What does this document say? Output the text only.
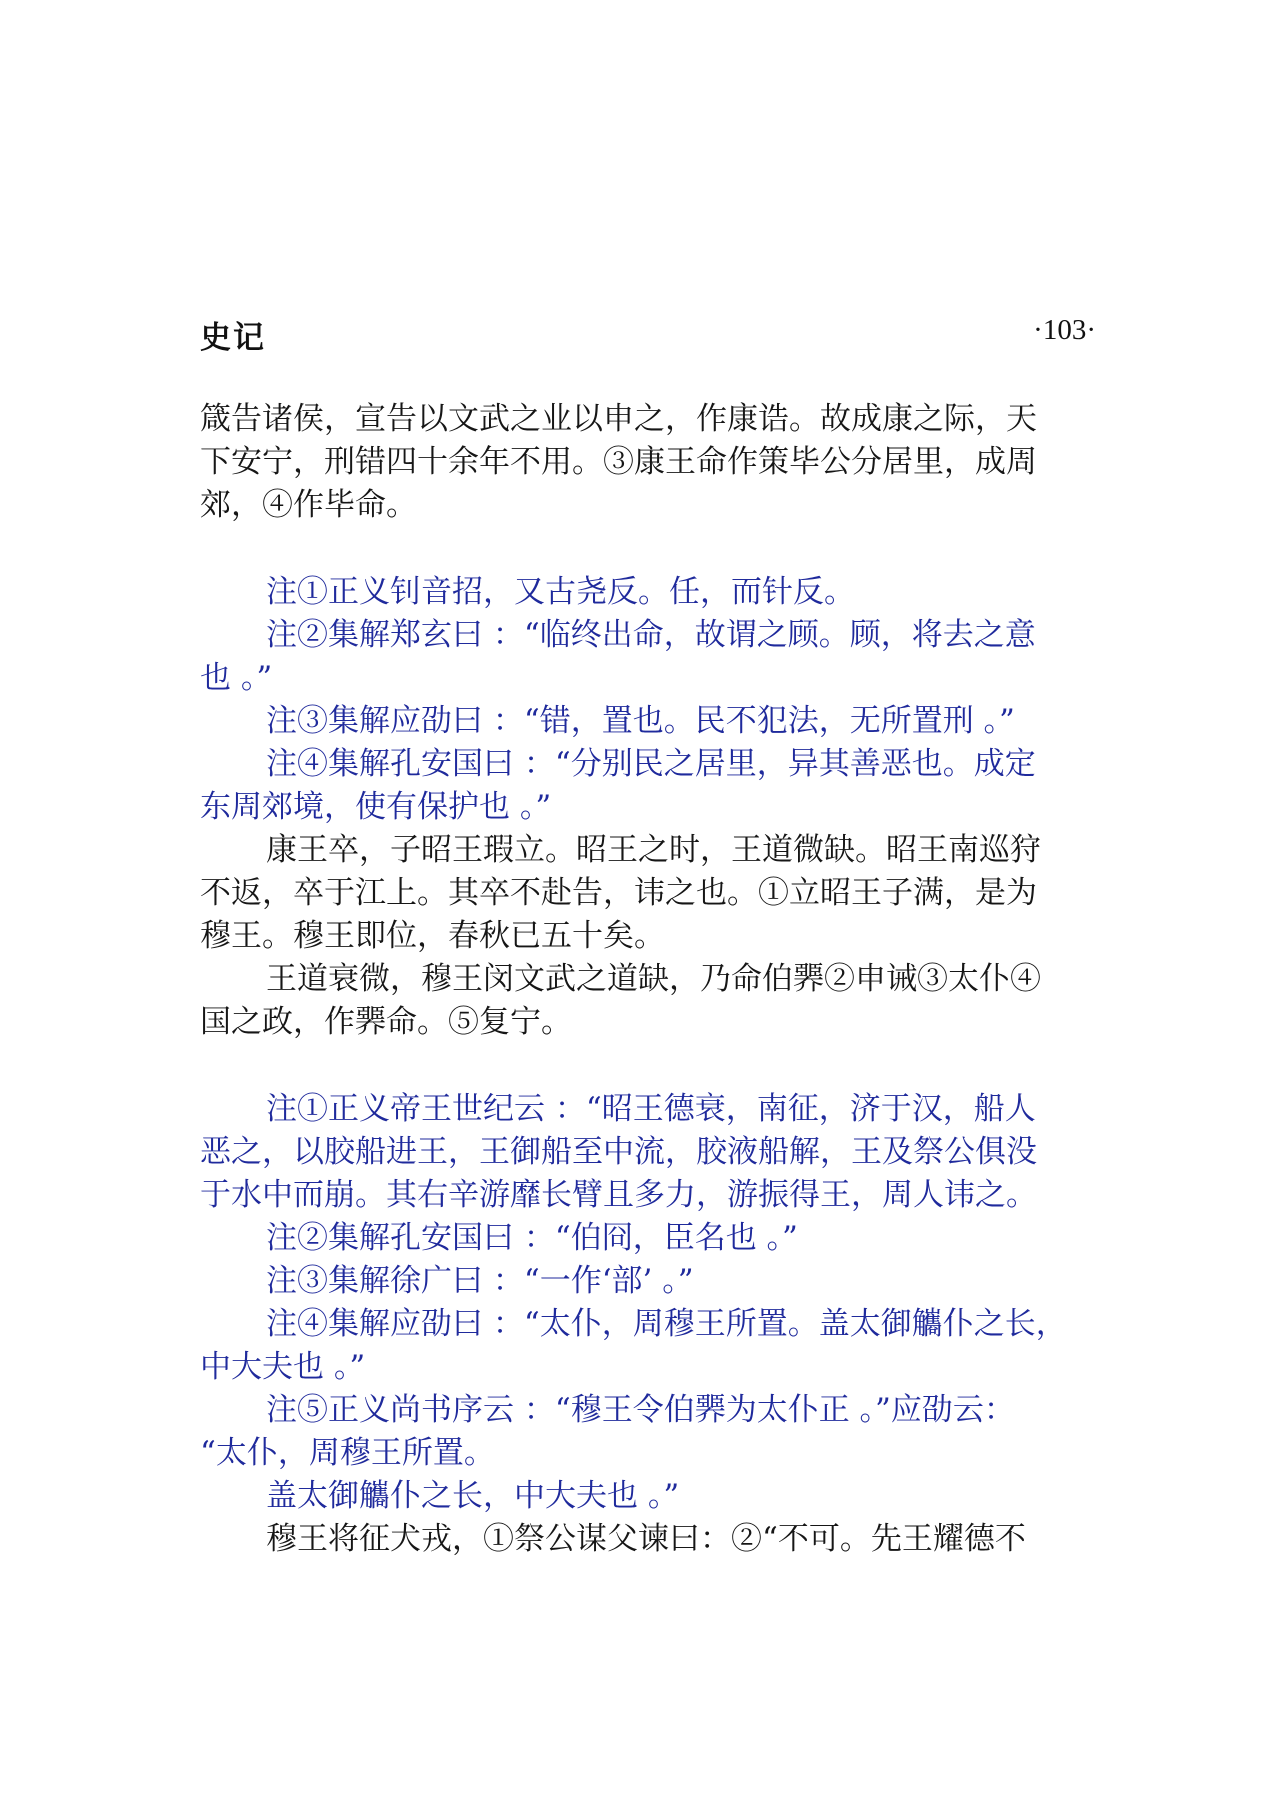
史记	·103·
箴告诸侯，宣告以文武之业以申之，作康诰。故成康之际，天
下安宁，刑错四十余年不用。③康王命作策毕公分居里，成周
郊，④作毕命。
注①正义钊音招，又古尧反。任，而针反。
注②集解郑玄曰 ：“临终出命，故谓之顾。顾，将去之意
也 。”
注③集解应劭曰 ：“错，置也。民不犯法，无所置刑 。”
注④集解孔安国曰 ：“分别民之居里，异其善恶也。成定
东周郊境，使有保护也 。”
康王卒，子昭王瑕立。昭王之时，王道微缺。昭王南巡狩
不返，卒于江上。其卒不赴告，讳之也。①立昭王子满，是为
穆王。穆王即位，春秋已五十矣。
王道衰微，穆王闵文武之道缺，乃命伯臩②申诫③太仆④
国之政，作臩命。⑤复宁。
注①正义帝王世纪云 ：“昭王德衰，南征，济于汉，船人
恶之，以胶船进王，王御船至中流，胶液船解，王及祭公俱没
于水中而崩。其右辛游靡长臂且多力，游振得王，周人讳之。
注②集解孔安国曰 ：“伯冏，臣名也 。”
注③集解徐广曰 ：“一作‘部’ 。”
注④集解应劭曰 ：“太仆，周穆王所置。盖太御觿仆之长，
中大夫也 。”
注⑤正义尚书序云 ：“穆王令伯臩为太仆正 。”应劭云：
“太仆，周穆王所置。
盖太御觿仆之长，中大夫也 。”
穆王将征犬戎，①祭公谋父谏曰：②“不可。先王耀德不
